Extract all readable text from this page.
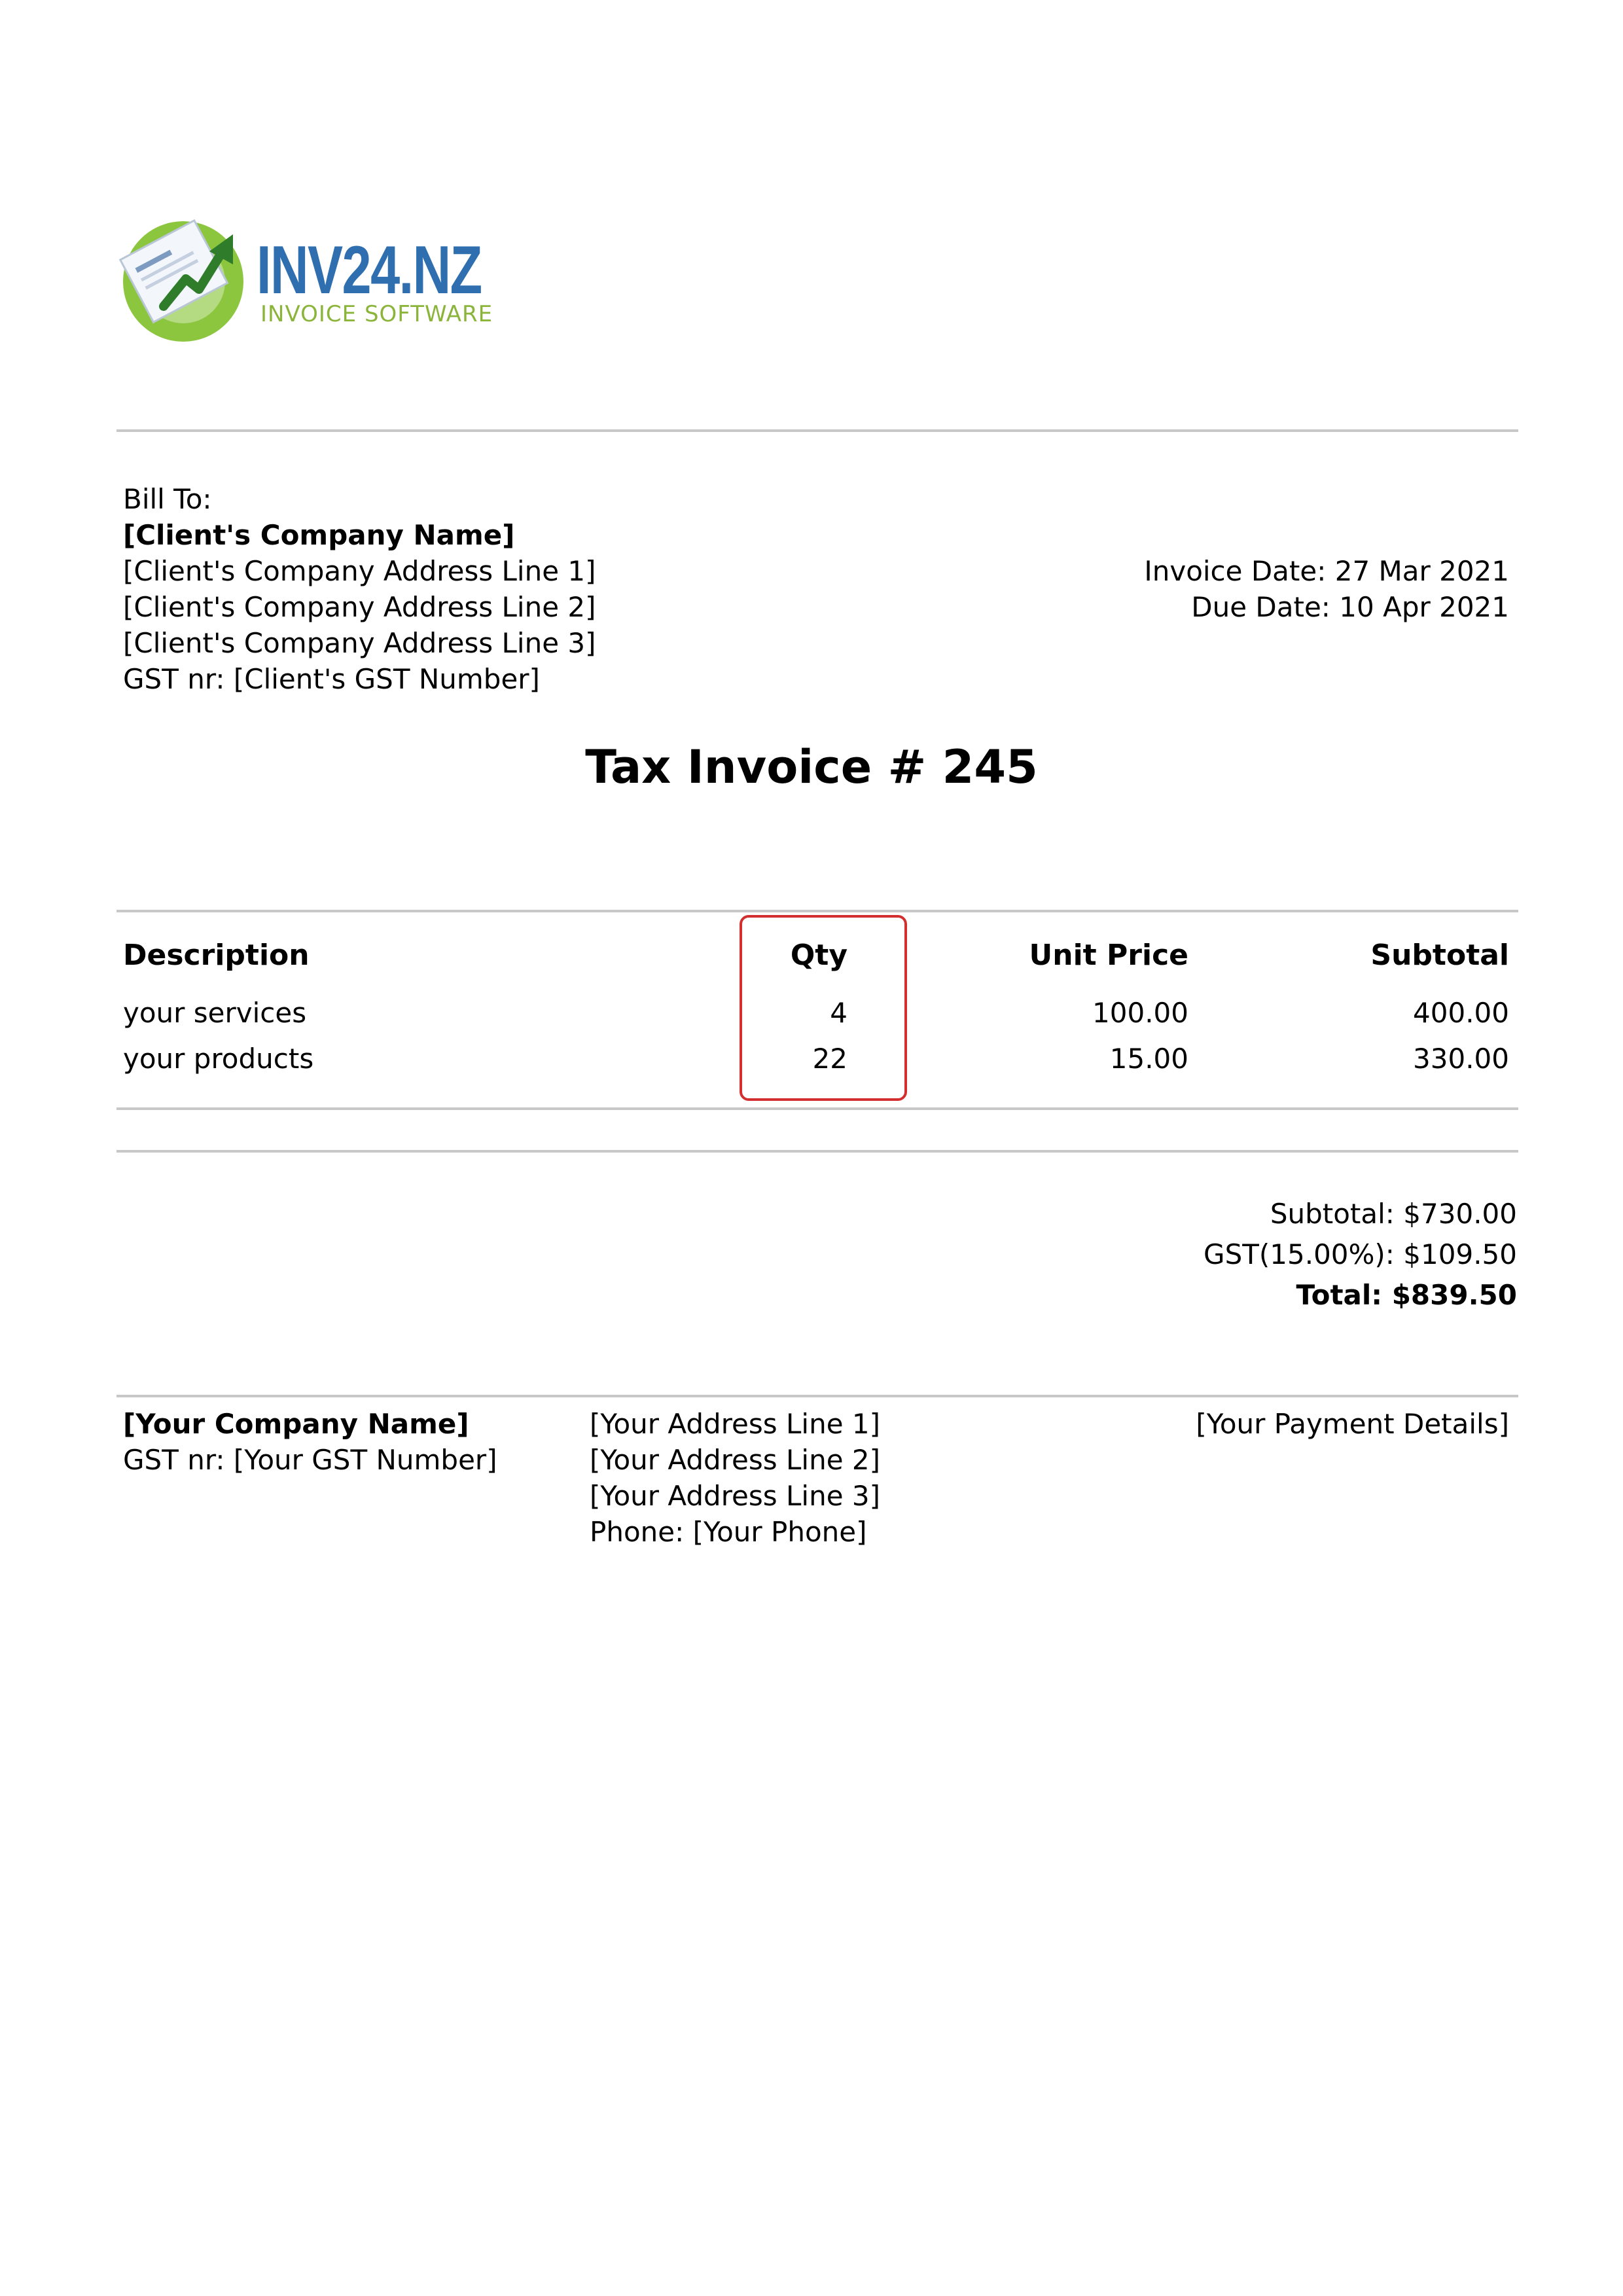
INV24.NZ
INVOICE SOFTWARE
Bill To:
[Client's Company Name]
[Client's Company Address Line 1]
[Client's Company Address Line 2]
[Client's Company Address Line 3]
GST nr: [Client's GST Number]
Invoice Date: 27 Mar 2021
Due Date: 10 Apr 2021
Tax Invoice # 245
Description	Qty	Unit Price	Subtotal
your services	4	100.00	400.00
your products	22	15.00	330.00
Subtotal: $730.00
GST(15.00%): $109.50
Total: $839.50
[Your Company Name]
GST nr: [Your GST Number]
[Your Address Line 1]
[Your Address Line 2]
[Your Address Line 3]
Phone: [Your Phone]
[Your Payment Details]
